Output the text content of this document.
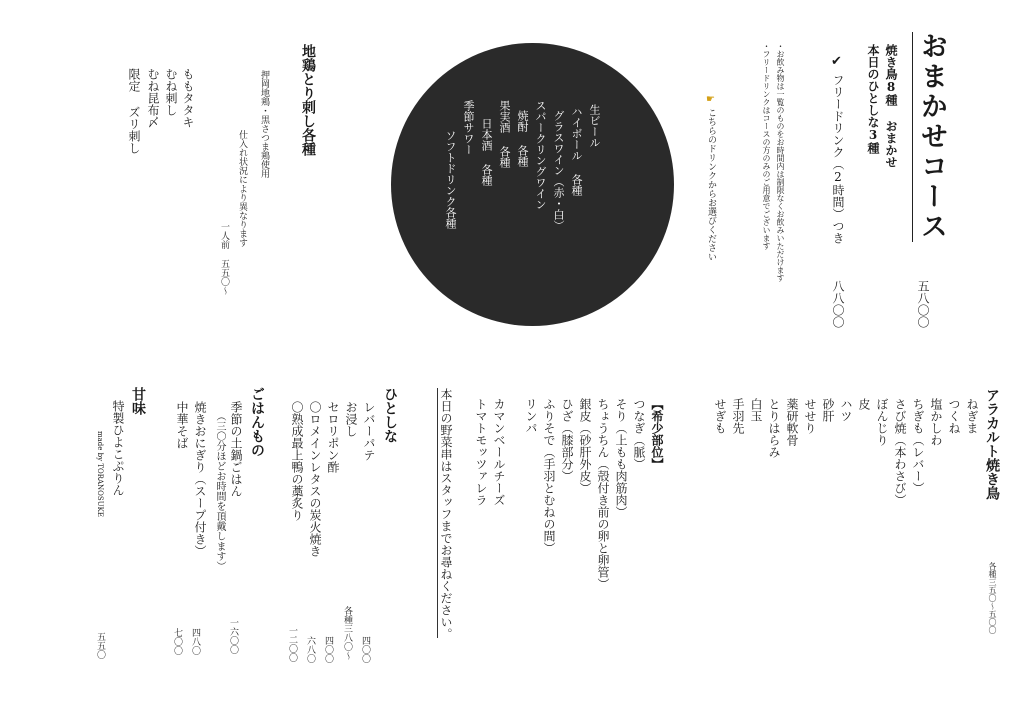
おまかせコース
焼き鳥8種 おまかせ
本日のひとしな3種
五八〇〇
✔
フリードリンク（2時間）つき
八八〇〇
・お飲み物は一覧のものをお時間内は制限なくお飲みいただけます
・フリードリンクはコースの方のみのご用意でございます
☛
こちらのドリンクからお選びください
生ビール
ハイボール 各種
グラスワイン（赤・白）
スパークリングワイン
焼酎 各種
果実酒 各種
日本酒 各種
季節サワー
ソフトドリンク各種
地鶏とり刺し各種
押岡地鶏・黒さつま鶏使用
仕入れ状況により異なります
一人前 五五〇〜
ももタタキ
むね刺し
むね昆布〆
限定 ズリ刺し
アラカルト焼き鳥
各種三五〇〜五〇〇
ねぎま
つくね
塩かしわ
ちぎも（レバー）
さび焼（本わさび）
ぼんじり
皮
ハツ
砂肝
せせり
薬研軟骨
とりはらみ
白玉
手羽先
せぎも
【希少部位】
つなぎ（脈）
そり（上もも肉筋肉）
ちょうちん（殻付き前の卵と卵管）
銀皮（砂肝外皮）
ひざ（膝部分）
ふりそで（手羽とむねの間）
リンパ
カマンベールチーズ
トマトモッツァレラ
本日の野菜串はスタッフまでお尋ねください。
ひとしな
レバーパテ
お浸し
セロリポン酢
〇ロメインレタスの炭火焼き
〇熟成最上鴨の藁炙り
四〇〇
各種三八〇〜
四〇〇
六八〇
一二〇〇
ごはんもの
季節の土鍋ごはん
（三〇分ほどお時間を頂戴します）
焼きおにぎり（スープ付き）
中華そば
一六〇〇
四八〇
七〇〇
甘味
特製ひよこぷりん
五五〇
made by TORANOSUKE
